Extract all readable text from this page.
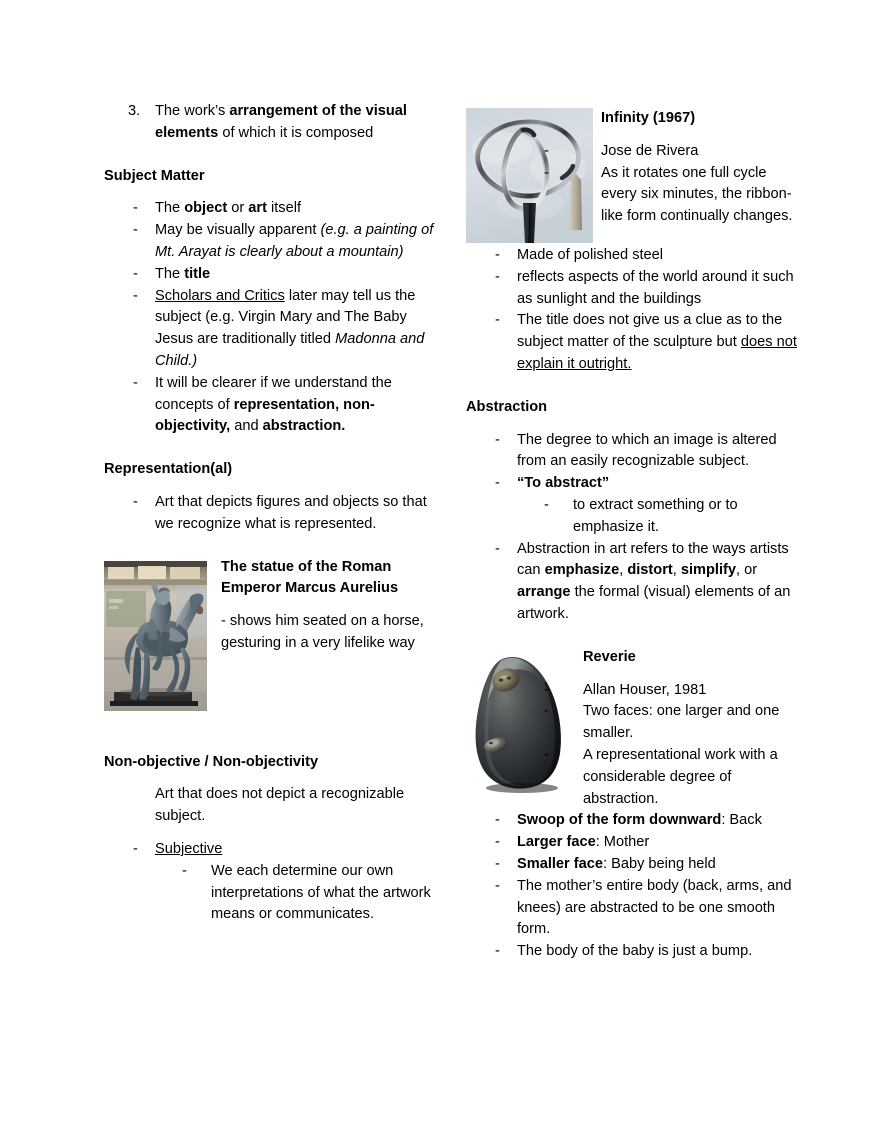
3. The work’s arrangement of the visual elements of which it is composed
Subject Matter
- The object or art itself
- May be visually apparent (e.g. a painting of Mt. Arayat is clearly about a mountain)
- The title
- Scholars and Critics later may tell us the subject (e.g. Virgin Mary and The Baby Jesus are traditionally titled Madonna and Child.)
- It will be clearer if we understand the concepts of representation, non-objectivity, and abstraction.
Representation(al)
- Art that depicts figures and objects so that we recognize what is represented.

The statue of the Roman Emperor Marcus Aurelius

- shows him seated on a horse, gesturing in a very lifelike way

Non-objective / Non-objectivity

Art that does not depict a recognizable subject.

- Subjective
- We each determine our own interpretations of what the artwork means or communicates.

Infinity (1967)

-	Jose de Rivera
-	As it rotates one full cycle every six minutes, the ribbon-like form continually changes.
- Made of polished steel
- reflects aspects of the world around it such as sunlight and the buildings
- The title does not give us a clue as to the subject matter of the sculpture but does not explain it outright.
Abstraction
- The degree to which an image is altered from an easily recognizable subject.
- “To abstract”
- to extract something or to emphasize it.
- Abstraction in art refers to the ways artists can emphasize, distort, simplify, or arrange the formal (visual) elements of an artwork.

Reverie

- Allan Houser, 1981
- Two faces: one larger and one smaller.
- A representational work with a considerable degree of abstraction.
- Swoop of the form downward: Back
- Larger face: Mother
- Smaller face: Baby being held
- The mother’s entire body (back, arms, and knees) are abstracted to be one smooth form.
- The body of the baby is just a bump.
